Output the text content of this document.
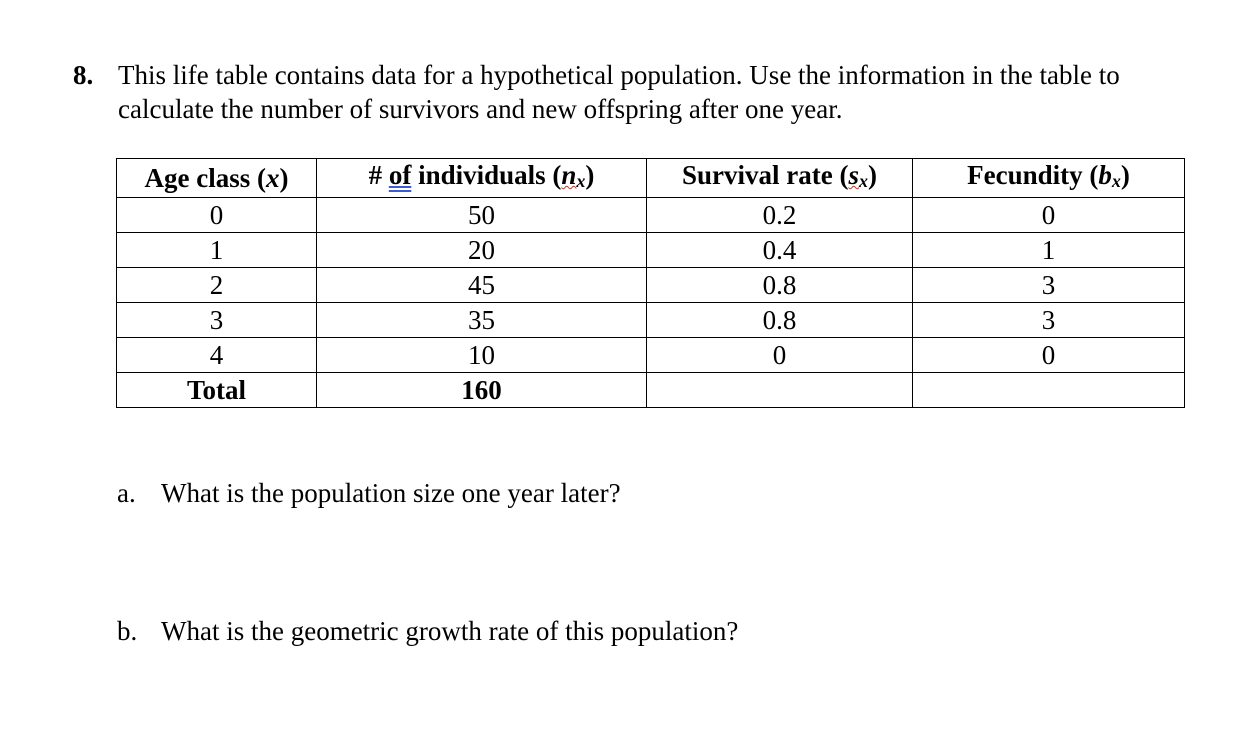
8. This life table contains data for a hypothetical population. Use the information in the table to calculate the number of survivors and new offspring after one year.
Age class (x)	# of individuals (nx)	Survival rate (sx)	Fecundity (bx)
0	50	0.2	0
1	20	0.4	1
2	45	0.8	3
3	35	0.8	3
4	10	0	0
Total	160		
a. What is the population size one year later?
b. What is the geometric growth rate of this population?
